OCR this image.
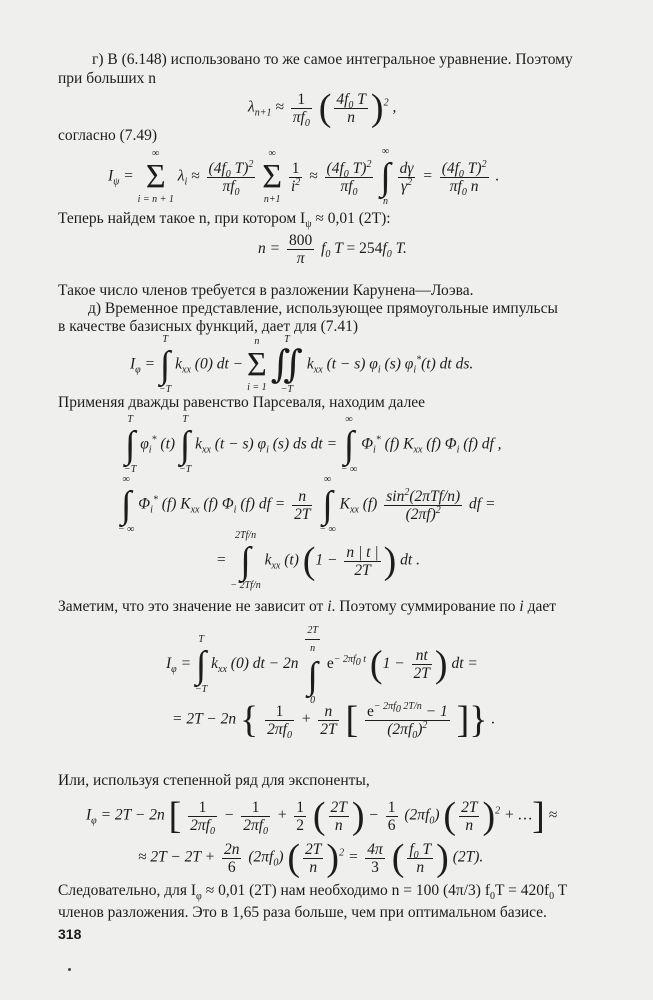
г) В (6.148) использовано то же самое интегральное уравнение. Поэтому
при больших n
$\lambda_{n+1} \approx \frac{1}{\pi f_0}$ ( $\frac{4f_0 T}{n} )^2$ ,
согласно (7.49)
$I_\psi$ = ∞
Σ
i = n + 1 $\lambda_i \approx \frac{(4f_0 T)^2}{\pi f_0}$
∞
Σ
n+1
$\frac{1}{i^2} \approx \frac{(4f_0 T)^2}{\pi f_0}$
∞
∫
n
$\frac{d\gamma}{\gamma^2} = \frac{(4f_0 T)^2}{\pi f_0 n}$ .
Теперь найдем такое n, при котором $I_\psi \approx 0,01$ (2T):
$n = \frac{800}{\pi} f_0$ $T = 254f_0$ T.
Такое число членов требуется в разложении Карунена—Лоэва.
д) Временное представление, использующее прямоугольные импульсы
в качестве базисных функций, дает для (7.41)
$I_\varphi = T$
∫
−T $k_{xx}$ (0) dt − n
Σ
i = 1 T
∬
−T $k_{xx}$ (t − s) $\varphi_i$ (s) $\varphi_i^*(t)$ dt ds.
Применяя дважды равенство Парсеваля, находим далее
T
∫
−T $\varphi_i^*$ (t) T
∫
−T $k_{xx}$ (t − s) $\varphi_i$ (s) ds dt = ∞
∫
− ∞ $\Phi_i^*$ (f) $K_{xx}$ (f) $\Phi_i$ (f) df ,
∞
∫
− ∞ $\Phi_i^*$ (f) $K_{xx}$ (f) $\Phi_i$ (f) df = $\frac{n}{2T}$
∞
∫
− ∞ $K_{xx}$ $(f) \frac{\sin^2(2\pi Tf/n)}{(2\pi f)^2}$ df =
= 2Tf/n
∫
− 2Tf/n $k_{xx}$ (t) ($1 - \frac{n | t |}{2T}$ ) dt .
Заметим, что это значение не зависит от i. Поэтому суммирование по i дает
$I_\varphi = T$
∫
−T $k_{xx}$ (0) dt − 2n
$\frac{2T}{n}$
∫
0 $e^{- 2\pi f_0 t}$ ($1 - \frac{nt}{2T}$ ) dt =
= 2T − 2n { $\frac{1}{2\pi f_0} + \frac{n}{2T}$ [ $\frac{e^{- 2\pi f_0 2T/n} - 1}{(2\pi f_0)^2}$ ]} .
Или, используя степенной ряд для экспоненты,
$I_\varphi = 2T - 2n$ [ $\frac{1}{2\pi f_0} - \frac{1}{2\pi f_0} + \frac{1}{2}$ ( $\frac{2T}{n}$ ) − $\frac{1}{6} (2\pi f_0)$ ( $\frac{2T}{n} )^2$ + …] ≈
≈ $2T - 2T + \frac{2n}{6} (2\pi f_0)$ ( $\frac{2T}{n} )^2 = \frac{4\pi}{3}$ ( $\frac{f_0 T}{n}$ ) (2T).
Следовательно, для $I_\varphi \approx 0,01$ (2T) нам необходимо n = 100 (4π/3) $f_0T = 420f_0$ T
членов разложения. Это в 1,65 раза больше, чем при оптимальном базисе.
318
